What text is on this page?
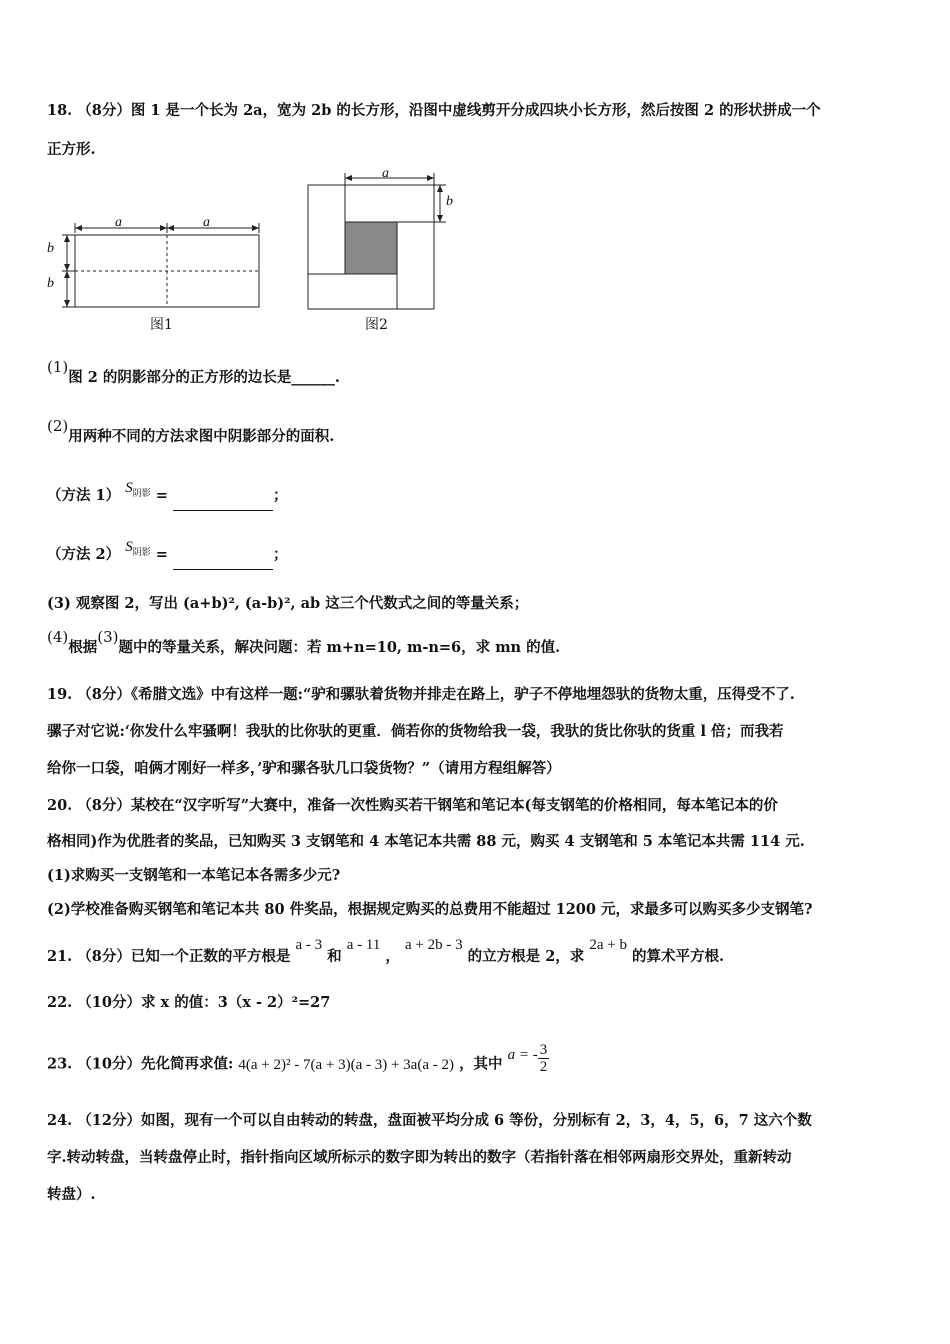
18. （8分）图 1 是一个长为 2a，宽为 2b 的长方形，沿图中虚线剪开分成四块小长方形，然后按图 2 的形状拼成一个
正方形.
a	a
b
b
图1
a
b
图2
(1)图 2 的阴影部分的正方形的边长是______.
(2)用两种不同的方法求图中阴影部分的面积.
（方法 1） $S_{阴影}$ =	；
（方法 2） $S_{阴影}$ =	；
(3) 观察图 2，写出 (a+b)², (a-b)², ab 这三个代数式之间的等量关系；
(4)根据(3)题中的等量关系，解决问题：若 m+n=10, m-n=6，求 mn 的值.
19. （8分）《希腊文选》中有这样一题:“驴和骡驮着货物并排走在路上，驴子不停地埋怨驮的货物太重，压得受不了.
骡子对它说:‘你发什么牢骚啊！我驮的比你驮的更重．倘若你的货物给我一袋，我驮的货比你驮的货重 l 倍；而我若
给你一口袋，咱俩才刚好一样多，’驴和骡各驮几口袋货物？”（请用方程组解答）
20. （8分）某校在“汉字听写”大赛中，准备一次性购买若干钢笔和笔记本(每支钢笔的价格相同，每本笔记本的价
格相同)作为优胜者的奖品，已知购买 3 支钢笔和 4 本笔记本共需 88 元，购买 4 支钢笔和 5 本笔记本共需 114 元.
(1)求购买一支钢笔和一本笔记本各需多少元?
(2)学校准备购买钢笔和笔记本共 80 件奖品，根据规定购买的总费用不能超过 1200 元，求最多可以购买多少支钢笔?
21. （8分）已知一个正数的平方根是 a - 3 和 a - 11 ， a + 2b - 3 的立方根是 2，求 2a + b 的算术平方根.
22. （10分）求 x 的值：3（x - 2）²=27
23. （10分）先化简再求值: 4(a + 2)² - 7(a + 3)(a - 3) + 3a(a - 2) ，其中 a = - $\frac{3}{2}$
24. （12分）如图，现有一个可以自由转动的转盘，盘面被平均分成 6 等份，分别标有 2，3，4，5，6，7 这六个数
字.转动转盘，当转盘停止时，指针指向区域所标示的数字即为转出的数字（若指针落在相邻两扇形交界处，重新转动
转盘）.
